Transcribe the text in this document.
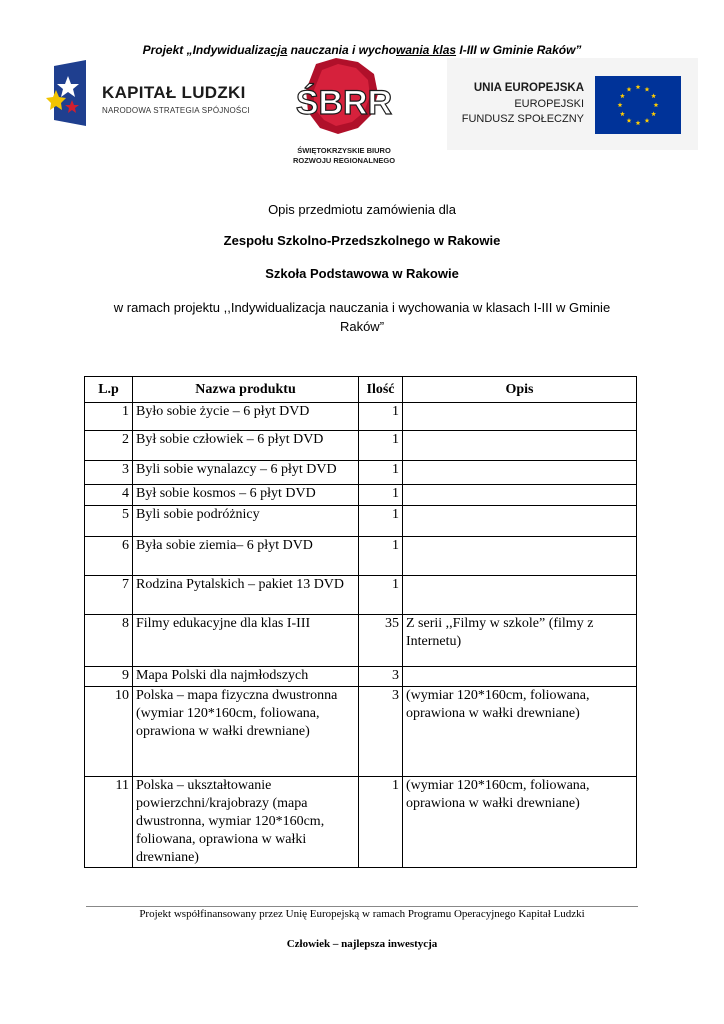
Projekt „Indywidualizacja nauczania i wychowania klas I-III w Gminie Raków”
KAPITAŁ LUDZKI
NARODOWA STRATEGIA SPÓJNOŚCI ŚBRR
ŚWIĘTOKRZYSKIE BIURO
ROZWOJU REGIONALNEGO
UNIA EUROPEJSKA
EUROPEJSKI
FUNDUSZ SPOŁECZNY
Opis przedmiotu zamówienia dla
Zespołu Szkolno-Przedszkolnego w Rakowie
Szkoła Podstawowa w Rakowie
w ramach projektu ,,Indywidualizacja nauczania i wychowania w klasach I-III w Gminie Raków”
L.p	Nazwa produktu	Ilość	Opis
1	Było sobie życie – 6 płyt DVD	1	
2	Był sobie człowiek – 6 płyt DVD	1	
3	Byli sobie wynalazcy – 6 płyt DVD	1	
4	Był sobie kosmos – 6 płyt DVD	1	
5	Byli sobie podróżnicy	1	
6	Była sobie ziemia– 6 płyt DVD	1	
7	Rodzina Pytalskich – pakiet 13 DVD	1	
8	Filmy edukacyjne dla klas I-III	35	Z serii ,,Filmy w szkole” (filmy z Internetu)
9	Mapa Polski dla najmłodszych	3	
10	Polska – mapa fizyczna dwustronna (wymiar 120*160cm, foliowana, oprawiona w wałki drewniane)	3	(wymiar 120*160cm, foliowana, oprawiona w wałki drewniane)
11	Polska – ukształtowanie powierzchni/krajobrazy (mapa dwustronna, wymiar 120*160cm, foliowana, oprawiona w wałki drewniane)	1	(wymiar 120*160cm, foliowana, oprawiona w wałki drewniane)
Projekt współfinansowany przez Unię Europejską w ramach Programu Operacyjnego Kapitał Ludzki
Człowiek – najlepsza inwestycja
